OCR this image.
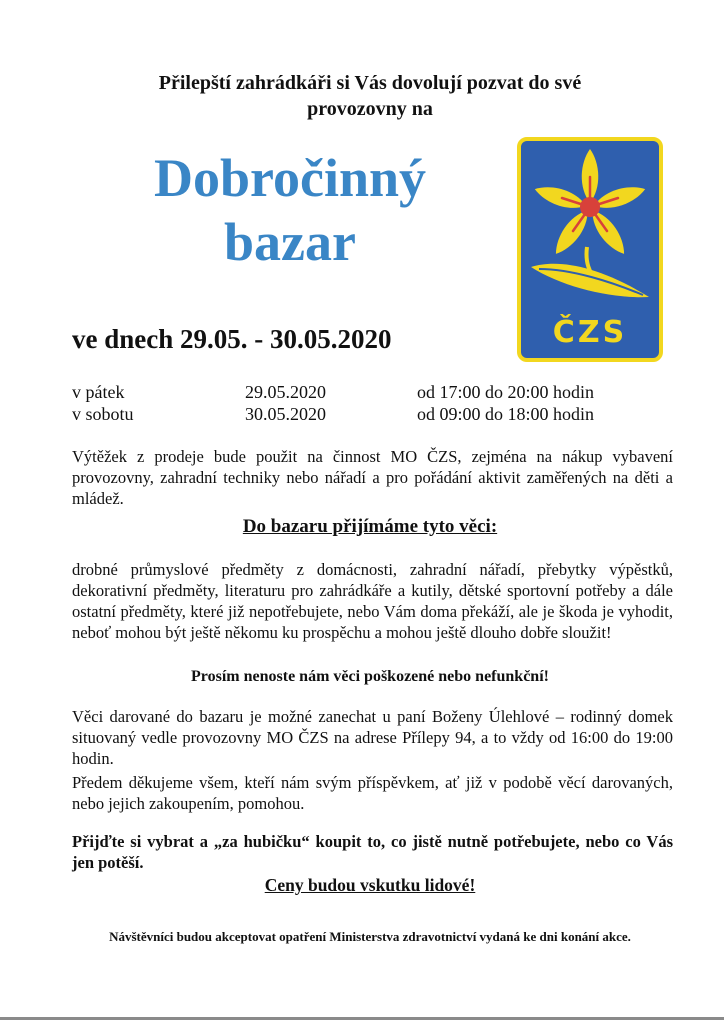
Přilepští zahrádkáři si Vás dovolují pozvat do své
provozovny na
Dobročinný
bazar
ČZS
ve dnech 29.05. - 30.05.2020
v pátek	29.05.2020	od 17:00 do 20:00 hodin
v sobotu	30.05.2020	od 09:00 do 18:00 hodin
Výtěžek z prodeje bude použit na činnost MO ČZS, zejména na nákup vybavení provozovny, zahradní techniky nebo nářadí a pro pořádání aktivit zaměřených na děti a mládež.
Do bazaru přijímáme tyto věci:
drobné průmyslové předměty z domácnosti, zahradní nářadí, přebytky výpěstků, dekorativní předměty, literaturu pro zahrádkáře a kutily, dětské sportovní potřeby a dále ostatní předměty, které již nepotřebujete, nebo Vám doma překáží, ale je škoda je vyhodit, neboť mohou být ještě někomu ku prospěchu a mohou ještě dlouho dobře sloužit!
Prosím nenoste nám věci poškozené nebo nefunkční!
Věci darované do bazaru je možné zanechat u paní Boženy Úlehlové – rodinný domek situovaný vedle provozovny MO ČZS na adrese Přílepy 94, a to vždy od 16:00 do 19:00 hodin.
Předem děkujeme všem, kteří nám svým příspěvkem, ať již v podobě věcí darovaných, nebo jejich zakoupením, pomohou.
Přijďte si vybrat a „za hubičku“ koupit to, co jistě nutně potřebujete, nebo co Vás jen potěší.
Ceny budou vskutku lidové!
Návštěvníci budou akceptovat opatření Ministerstva zdravotnictví vydaná ke dni konání akce.
